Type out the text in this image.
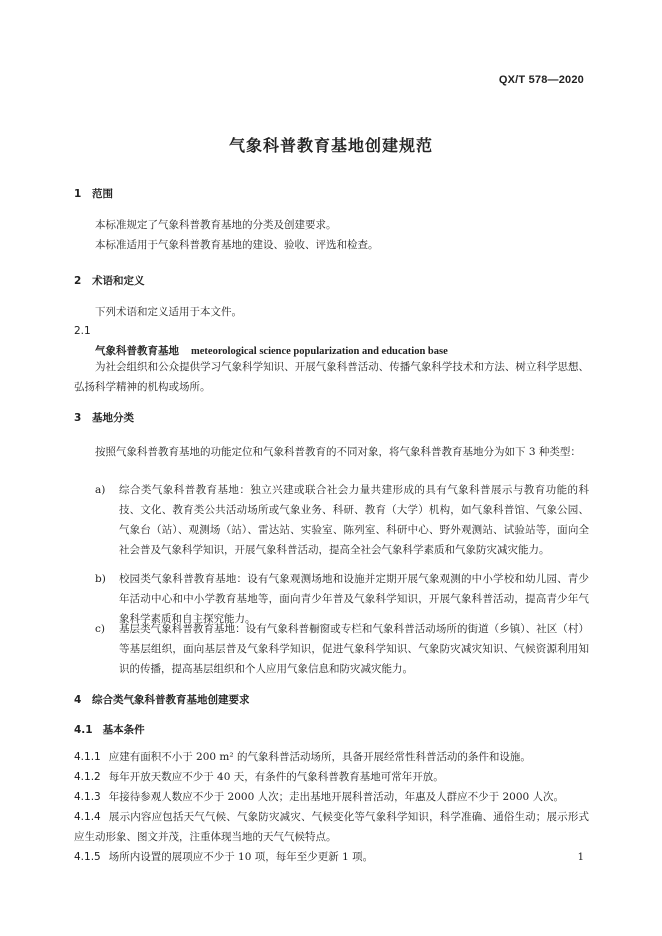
QX/T 578—2020
气象科普教育基地创建规范
1 范围
本标准规定了气象科普教育基地的分类及创建要求。
本标准适用于气象科普教育基地的建设、验收、评选和检查。
2 术语和定义
下列术语和定义适用于本文件。
2.1
气象科普教育基地 meteorological science popularization and education base
为社会组织和公众提供学习气象科学知识、开展气象科普活动、传播气象科学技术和方法、树立科学思想、弘扬科学精神的机构或场所。
3 基地分类
按照气象科普教育基地的功能定位和气象科普教育的不同对象，将气象科普教育基地分为如下 3 种类型：
a)	综合类气象科普教育基地：独立兴建或联合社会力量共建形成的具有气象科普展示与教育功能的科技、文化、教育类公共活动场所或气象业务、科研、教育（大学）机构，如气象科普馆、气象公园、气象台（站）、观测场（站）、雷达站、实验室、陈列室、科研中心、野外观测站、试验站等，面向全社会普及气象科学知识，开展气象科普活动，提高全社会气象科学素质和气象防灾减灾能力。
b)	校园类气象科普教育基地：设有气象观测场地和设施并定期开展气象观测的中小学校和幼儿园、青少年活动中心和中小学教育基地等，面向青少年普及气象科学知识，开展气象科普活动，提高青少年气象科学素质和自主探究能力。
c)	基层类气象科普教育基地：设有气象科普橱窗或专栏和气象科普活动场所的街道（乡镇）、社区（村）等基层组织，面向基层普及气象科学知识，促进气象科学知识、气象防灾减灾知识、气候资源利用知识的传播，提高基层组织和个人应用气象信息和防灾减灾能力。
4 综合类气象科普教育基地创建要求
4.1 基本条件
4.1.1 应建有面积不小于 200 m² 的气象科普活动场所，具备开展经常性科普活动的条件和设施。
4.1.2 每年开放天数应不少于 40 天，有条件的气象科普教育基地可常年开放。
4.1.3 年接待参观人数应不少于 2000 人次；走出基地开展科普活动，年惠及人群应不少于 2000 人次。
4.1.4 展示内容应包括天气气候、气象防灾减灾、气候变化等气象科学知识，科学准确、通俗生动；展示形式应生动形象、图文并茂，注重体现当地的天气气候特点。
4.1.5 场所内设置的展项应不少于 10 项，每年至少更新 1 项。	1
